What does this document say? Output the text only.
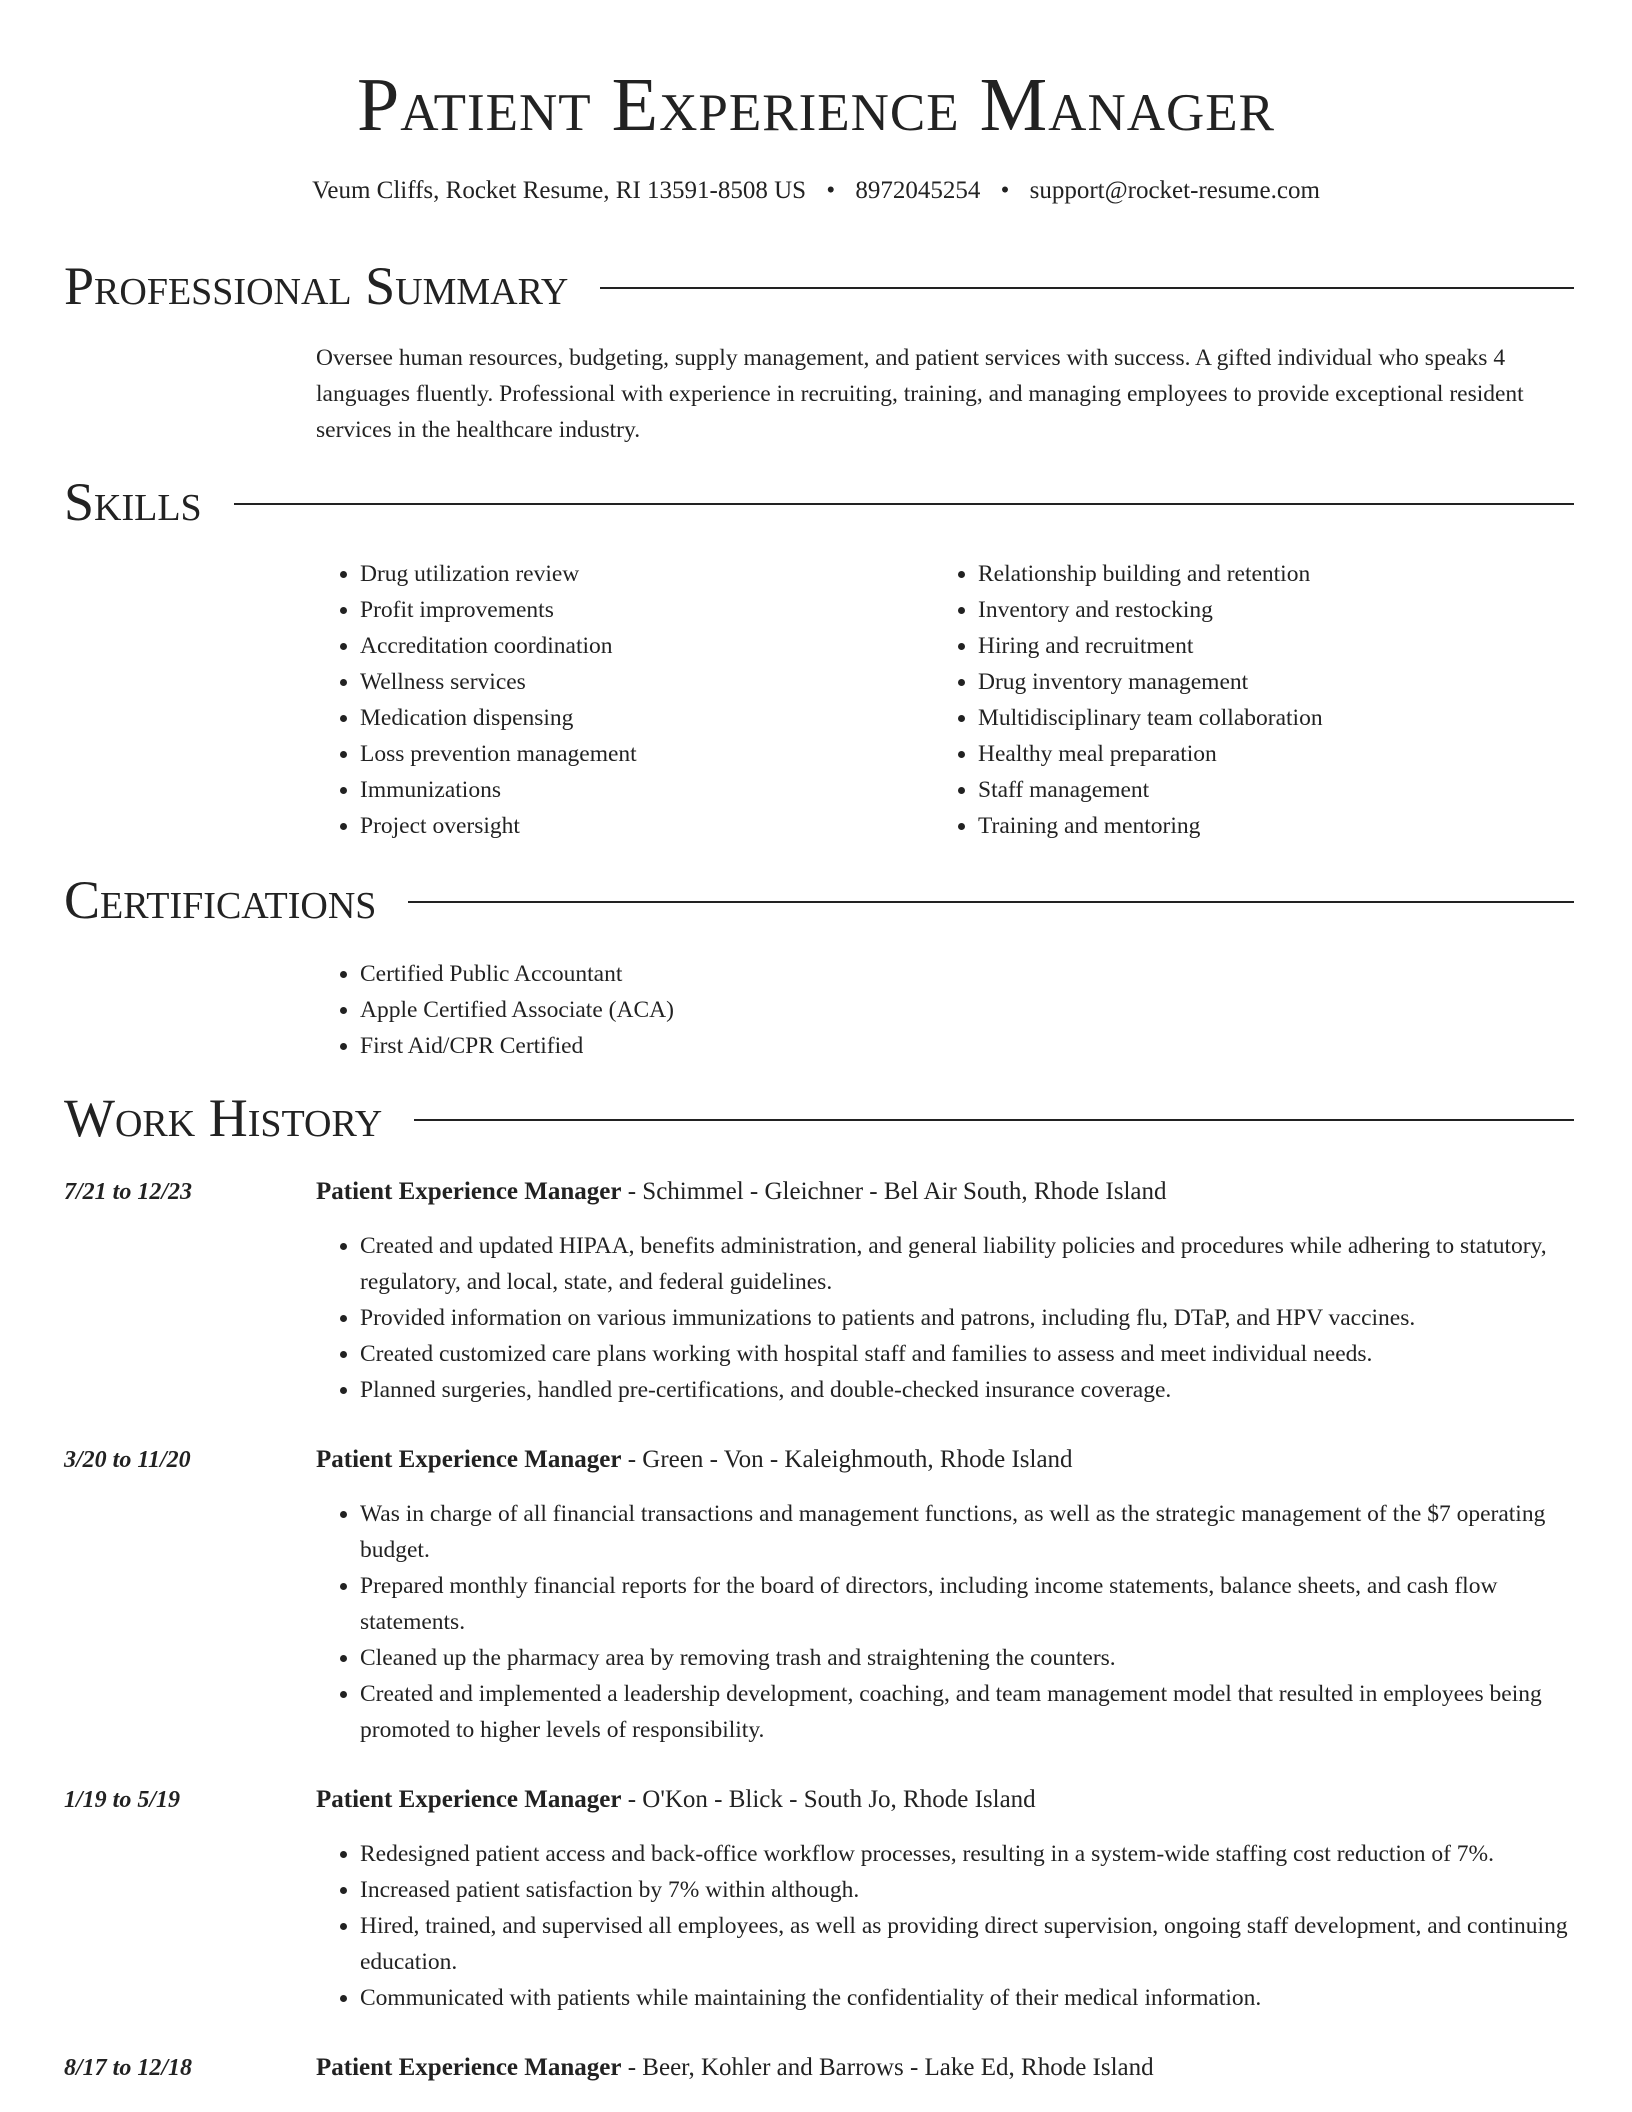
Patient Experience Manager
Veum Cliffs, Rocket Resume, RI 13591-8508 US • 8972045254 • support@rocket-resume.com
Professional Summary

Oversee human resources, budgeting, supply management, and patient services with success. A gifted individual who speaks 4 languages fluently. Professional with experience in recruiting, training, and managing employees to provide exceptional resident services in the healthcare industry.

Skills
• Drug utilization review
• Profit improvements
• Accreditation coordination
• Wellness services
• Medication dispensing
• Loss prevention management
• Immunizations
• Project oversight
• Relationship building and retention
• Inventory and restocking
• Hiring and recruitment
• Drug inventory management
• Multidisciplinary team collaboration
• Healthy meal preparation
• Staff management
• Training and mentoring
Certifications
• Certified Public Accountant
• Apple Certified Associate (ACA)
• First Aid/CPR Certified
Work History
7/21 to 12/23	Patient Experience Manager - Schimmel - Gleichner - Bel Air South, Rhode Island
• Created and updated HIPAA, benefits administration, and general liability policies and procedures while adhering to statutory, regulatory, and local, state, and federal guidelines.
• Provided information on various immunizations to patients and patrons, including flu, DTaP, and HPV vaccines.
• Created customized care plans working with hospital staff and families to assess and meet individual needs.
• Planned surgeries, handled pre-certifications, and double-checked insurance coverage.
3/20 to 11/20	Patient Experience Manager - Green - Von - Kaleighmouth, Rhode Island
• Was in charge of all financial transactions and management functions, as well as the strategic management of the $7 operating budget.
• Prepared monthly financial reports for the board of directors, including income statements, balance sheets, and cash flow statements.
• Cleaned up the pharmacy area by removing trash and straightening the counters.
• Created and implemented a leadership development, coaching, and team management model that resulted in employees being promoted to higher levels of responsibility.
1/19 to 5/19	Patient Experience Manager - O'Kon - Blick - South Jo, Rhode Island
• Redesigned patient access and back-office workflow processes, resulting in a system-wide staffing cost reduction of 7%.
• Increased patient satisfaction by 7% within although.
• Hired, trained, and supervised all employees, as well as providing direct supervision, ongoing staff development, and continuing education.
• Communicated with patients while maintaining the confidentiality of their medical information.
8/17 to 12/18	Patient Experience Manager - Beer, Kohler and Barrows - Lake Ed, Rhode Island
